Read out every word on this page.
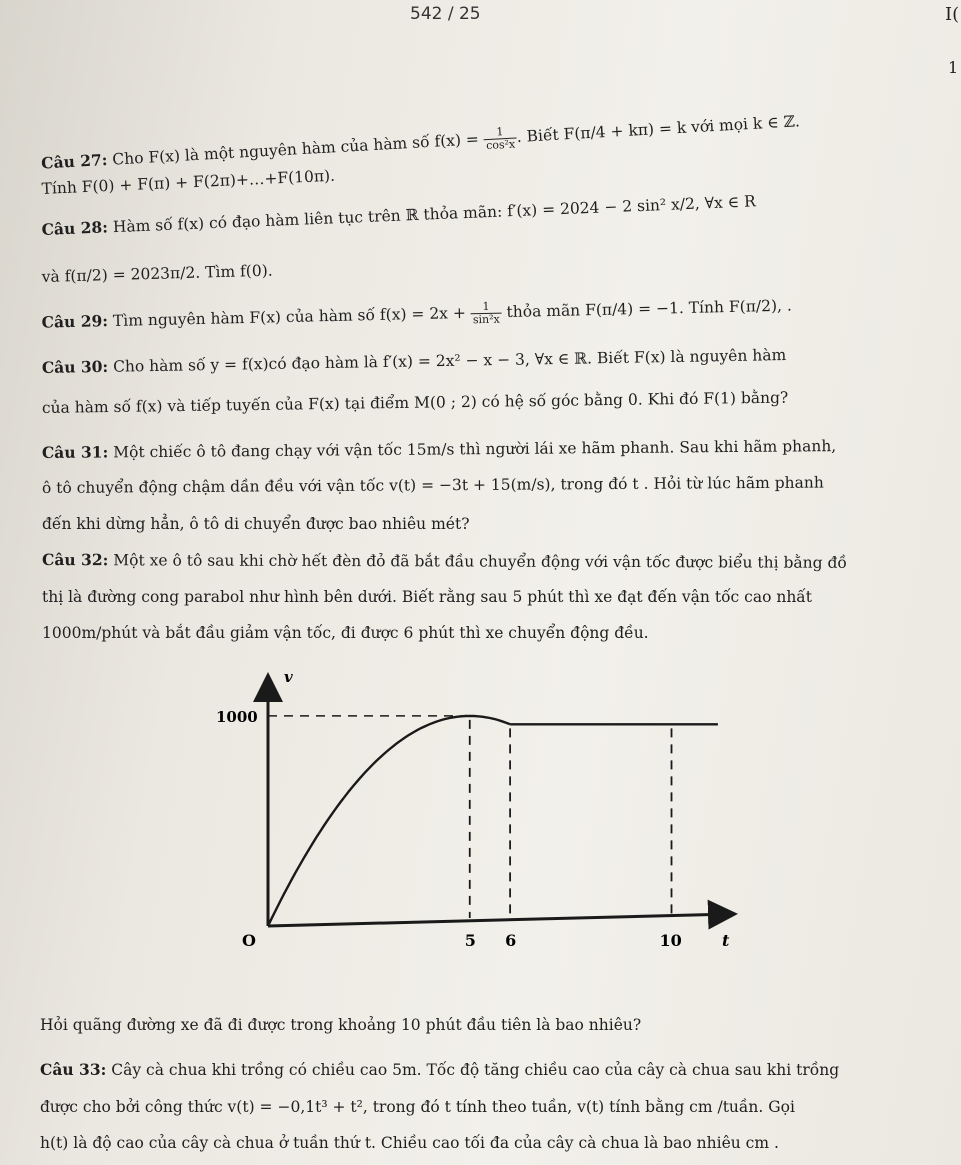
542 / 25	I(
1
Câu 27: Cho F(x) là một nguyên hàm của hàm số f(x) =
$\frac{1}{\text{cos²x}}$
. Biết F(π/4 + kπ) = k với mọi k ∈ ℤ.
Tính F(0) + F(π) + F(2π)+…+F(10π).
Câu 28: Hàm số f(x) có đạo hàm liên tục trên ℝ thỏa mãn: f′(x) = 2024 − 2 sin² x/2, ∀x ∈ R
và f(π/2) = 2023π/2. Tìm f(0).
Câu 29: Tìm nguyên hàm F(x) của hàm số $f(x) = 2x + \frac{1}{\text{sin²x}}$ thỏa mãn F(π/4) = −1. Tính F(π/2), .
Câu 30: Cho hàm số y = f(x)có đạo hàm là f′(x) = 2x² − x − 3, ∀x ∈ ℝ. Biết F(x) là nguyên hàm
của hàm số f(x) và tiếp tuyến của F(x) tại điểm M(0 ; 2) có hệ số góc bằng 0. Khi đó F(1) bằng?
Câu 31: Một chiếc ô tô đang chạy với vận tốc 15m/s thì người lái xe hãm phanh. Sau khi hãm phanh,
ô tô chuyển động chậm dần đều với vận tốc v(t) = −3t + 15(m/s), trong đó t . Hỏi từ lúc hãm phanh
đến khi dừng hẳn, ô tô di chuyển được bao nhiêu mét?
Câu 32: Một xe ô tô sau khi chờ hết đèn đỏ đã bắt đầu chuyển động với vận tốc được biểu thị bằng đồ
thị là đường cong parabol như hình bên dưới. Biết rằng sau 5 phút thì xe đạt đến vận tốc cao nhất
1000m/phút và bắt đầu giảm vận tốc, đi được 6 phút thì xe chuyển động đều.
v
1000
O	5 6	10	t
Hỏi quãng đường xe đã đi được trong khoảng 10 phút đầu tiên là bao nhiêu?
Câu 33: Cây cà chua khi trồng có chiều cao 5m. Tốc độ tăng chiều cao của cây cà chua sau khi trồng
được cho bởi công thức v(t) = −0,1t³ + t², trong đó t tính theo tuần, v(t) tính bằng cm /tuần. Gọi
h(t) là độ cao của cây cà chua ở tuần thứ t. Chiều cao tối đa của cây cà chua là bao nhiêu cm .
